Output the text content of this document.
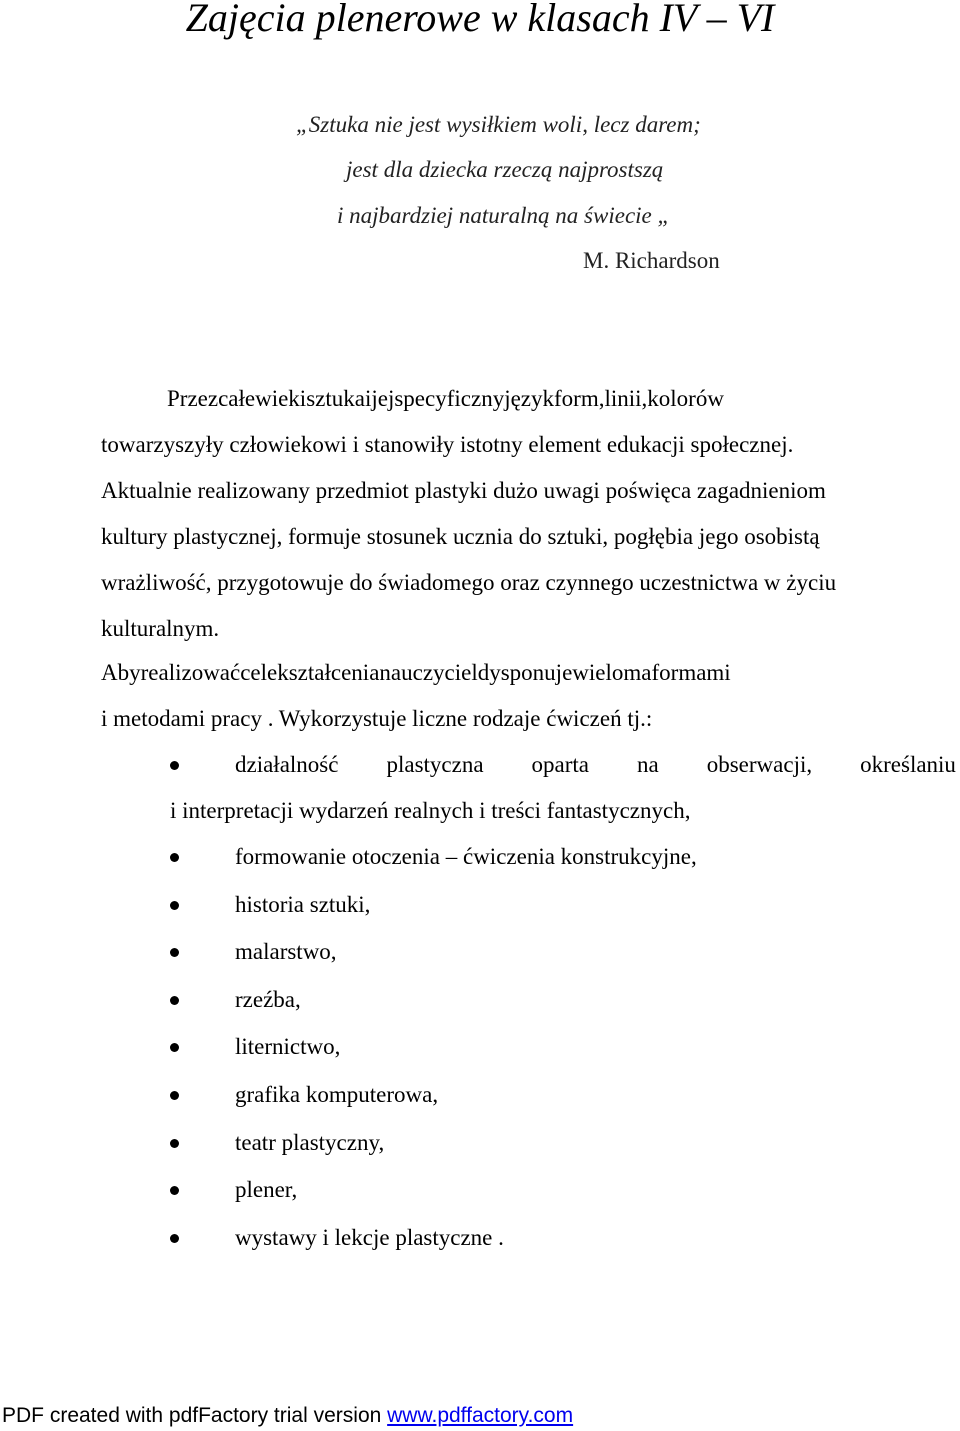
Zajęcia plenerowe w klasach IV – VI
„Sztuka nie jest wysiłkiem woli, lecz darem;
jest dla dziecka rzeczą najprostszą
i najbardziej naturalną na świecie „
M. Richardson
Przezcałewiekisztukaijejspecyficznyjęzykform,linii,kolorów
towarzyszyły człowiekowi i stanowiły istotny element edukacji społecznej.
Aktualnie realizowany przedmiot plastyki dużo uwagi poświęca zagadnieniom
kultury plastycznej, formuje stosunek ucznia do sztuki, pogłębia jego osobistą
wrażliwość, przygotowuje do świadomego oraz czynnego uczestnictwa w życiu
kulturalnym.
Abyrealizowaćcelekształcenianauczycieldysponujewielomaformami
i metodami pracy . Wykorzystuje liczne rodzaje ćwiczeń tj.:
działalność plastyczna oparta na obserwacji, określaniu
i interpretacji wydarzeń realnych i treści fantastycznych,
formowanie otoczenia – ćwiczenia konstrukcyjne,
historia sztuki,
malarstwo,
rzeźba,
liternictwo,
grafika komputerowa,
teatr plastyczny,
plener,
wystawy i lekcje plastyczne .
PDF created with pdfFactory trial version www.pdffactory.com
